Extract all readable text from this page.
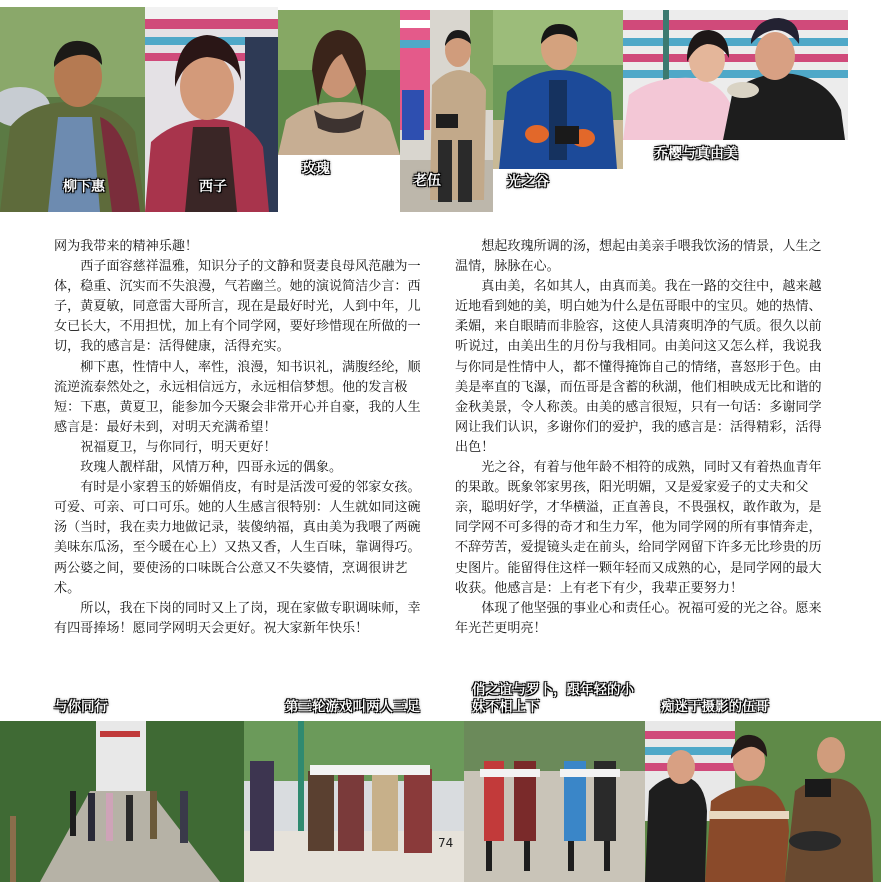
柳下惠	西子
玫瑰
老伍	光之谷
乔樱与真由美

网为我带来的精神乐趣！

西子面容慈祥温雅，知识分子的文静和贤妻良母风范融为一体，稳重、沉实而不失浪漫，气若幽兰。她的演说简洁少言：西子，黄夏敏，同意雷大哥所言，现在是最好时光，人到中年，儿女已长大，不用担忧，加上有个同学网，要好珍惜现在所做的一切，我的感言是：活得健康，活得充实。

柳下惠，性情中人，率性，浪漫，知书识礼，满腹经纶，顺流逆流泰然处之，永远相信远方，永远相信梦想。他的发言极短：下惠，黄夏卫，能参加今天聚会非常开心并自豪，我的人生感言是：最好未到，对明天充满希望！

祝福夏卫，与你同行，明天更好！

玫瑰人靓样甜，风情万种，四哥永远的偶象。

有时是小家碧玉的娇媚俏皮，有时是活泼可爱的邻家女孩。可爱、可亲、可口可乐。她的人生感言很特别：人生就如同这碗汤（当时，我在卖力地做记录，装傻纳福，真由美为我喂了两碗美味东瓜汤，至今暖在心上）又热又香，人生百味，靠调得巧。两公婆之间，要使汤的口味既合公意又不失婆情，烹调很讲艺术。

所以，我在下岗的同时又上了岗，现在家做专职调味师，幸有四哥捧场！愿同学网明天会更好。祝大家新年快乐！

想起玫瑰所调的汤，想起由美亲手喂我饮汤的情景，人生之温情，脉脉在心。

真由美，名如其人，由真而美。我在一路的交往中，越来越近地看到她的美，明白她为什么是伍哥眼中的宝贝。她的热情、柔媚，来自眼睛而非脸容，这使人具清爽明净的气质。很久以前听说过，由美出生的月份与我相同。由美问这又怎么样，我说我与你同是性情中人，都不懂得掩饰自己的情绪，喜怒形于色。由美是率直的飞瀑，而伍哥是含蓄的秋湖，他们相映成无比和谐的金秋美景，令人称羡。由美的感言很短，只有一句话：多谢同学网让我们认识，多谢你们的爱护，我的感言是：活得精彩，活得出色！

光之谷，有着与他年龄不相符的成熟，同时又有着热血青年的果敢。既象邻家男孩，阳光明媚，又是爱家爱子的丈夫和父亲，聪明好学，才华横溢，正直善良，不畏强权，敢作敢为，是同学网不可多得的奇才和生力军，他为同学网的所有事情奔走，不辞劳苦，爱提镜头走在前头，给同学网留下许多无比珍贵的历史图片。能留得住这样一颗年轻而又成熟的心，是同学网的最大收获。他感言是：上有老下有少，我辈正要努力！

体现了他坚强的事业心和责任心。祝福可爱的光之谷。愿来年光芒更明亮！

与你同行	第三轮游戏叫两人三足
俏之谊与罗卜，跟年轻的小妹不相上下	痴迷于摄影的伍哥
74
